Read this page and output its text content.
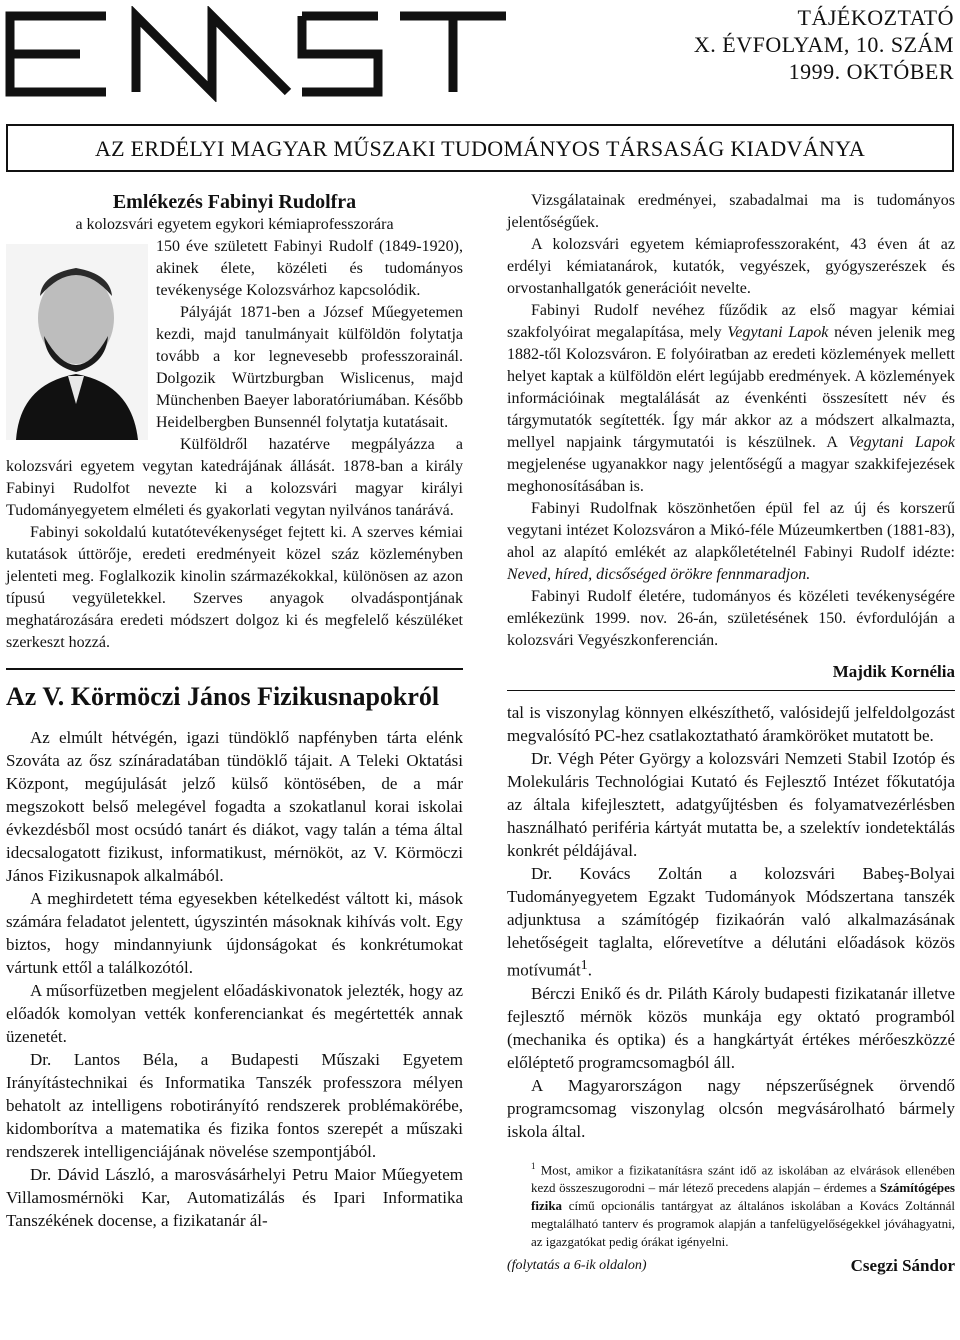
EMT	TÁJÉKOZTATÓ
X. ÉVFOLYAM, 10. SZÁM
1999. OKTÓBER
AZ ERDÉLYI MAGYAR MŰSZAKI TUDOMÁNYOS TÁRSASÁG KIADVÁNYA
Emlékezés Fabinyi Rudolfra
a kolozsvári egyetem egykori kémiaprofesszorára

150 éve született Fabinyi Rudolf (1849-1920), akinek élete, közéleti és tudományos tevékenysége Kolozsvárhoz kapcsolódik.

Pályáját 1871-ben a József Műegyetemen kezdi, majd tanulmányait külföldön folytatja tovább a kor legnevesebb professzorainál. Dolgozik Würtzburgban Wislicenus, majd Münchenben Baeyer laboratóriumában. Később Heidelbergben Bunsennél folytatja kutatásait.

Külföldről hazatérve megpályázza a kolozsvári egyetem vegytan katedrájának állását. 1878-ban a király Fabinyi Rudolfot nevezte ki a kolozsvári magyar királyi Tudományegyetem elméleti és gyakorlati vegytan nyilvános tanárává.

Fabinyi sokoldalú kutatótevékenységet fejtett ki. A szerves kémiai kutatások úttörője, eredeti eredményeit közel száz közleményben jelenteti meg. Foglalkozik kinolin származékokkal, különösen az azon típusú vegyületekkel. Szerves anyagok olvadáspontjának meghatározására eredeti módszert dolgoz ki és megfelelő készüléket szerkeszt hozzá.

Az V. Körmöczi János Fizikusnapokról

Az elmúlt hétvégén, igazi tündöklő napfényben tárta elénk Szováta az ősz színáradatában tündöklő tájait. A Teleki Oktatási Központ, megújulását jelző külső köntösében, de a már megszokott belső melegével fogadta a szokatlanul korai iskolai évkezdésből most ocsúdó tanárt és diákot, vagy talán a téma által idecsalogatott fizikust, informatikust, mérnököt, az V. Körmöczi János Fizikusnapok alkalmából.

A meghirdetett téma egyesekben kételkedést váltott ki, mások számára feladatot jelentett, úgyszintén másoknak kihívás volt. Egy biztos, hogy mindannyiunk újdonságokat és konkrétumokat vártunk ettől a találkozótól.

A műsorfüzetben megjelent előadáskivonatok jelezték, hogy az előadók komolyan vették konferenciankat és megértették annak üzenetét.

Dr. Lantos Béla, a Budapesti Műszaki Egyetem Irányítástechnikai és Informatika Tanszék professzora mélyen behatolt az intelligens robotirányító rendszerek problémakörébe, kidomborítva a matematika és fizika fontos szerepét a műszaki rendszerek intelligenciájának növelése szempontjából.

Dr. Dávid László, a marosvásárhelyi Petru Maior Műegyetem Villamosmérnöki Kar, Automatizálás és Ipari Informatika Tanszékének docense, a fizikatanár ál-

Vizsgálatainak eredményei, szabadalmai ma is tudományos jelentőségűek.

A kolozsvári egyetem kémiaprofesszoraként, 43 éven át az erdélyi kémiatanárok, kutatók, vegyészek, gyógyszerészek és orvostanhallgatók generációit nevelte.

Fabinyi Rudolf nevéhez fűződik az első magyar kémiai szakfolyóirat megalapítása, mely Vegytani Lapok néven jelenik meg 1882-től Kolozsváron. E folyóiratban az eredeti közlemények mellett helyet kaptak a külföldön elért legújabb eredmények. A közlemények információinak megtalálását az évenkénti összesített név és tárgymutatók segítették. Így már akkor az a módszert alkalmazta, mellyel napjaink tárgymutatói is készülnek. A Vegytani Lapok megjelenése ugyanakkor nagy jelentőségű a magyar szakkifejezések meghonosításában is.

Fabinyi Rudolfnak köszönhetően épül fel az új és korszerű vegytani intézet Kolozsváron a Mikó-féle Múzeumkertben (1881-83), ahol az alapító emlékét az alapkőletételnél Fabinyi Rudolf idézte: Neved, híred, dicsőséged örökre fennmaradjon.

Fabinyi Rudolf életére, tudományos és közéleti tevékenységére emlékezünk 1999. nov. 26-án, születésének 150. évfordulóján a kolozsvári Vegyészkonferencián.

Majdik Kornélia

tal is viszonylag könnyen elkészíthető, valósidejű jelfeldolgozást megvalósító PC-hez csatlakoztatható áramköröket mutatott be.

Dr. Végh Péter György a kolozsvári Nemzeti Stabil Izotóp és Molekuláris Technológiai Kutató és Fejlesztő Intézet főkutatója az általa kifejlesztett, adatgyűjtésben és folyamatvezérlésben használható periféria kártyát mutatta be, a szelektív iondetektálás konkrét példájával.

Dr. Kovács Zoltán a kolozsvári Babeş-Bolyai Tudományegyetem Egzakt Tudományok Módszertana tanszék adjunktusa a számítógép fizikaórán való alkalmazásának lehetőségeit taglalta, előrevetítve a délutáni előadások közös motívumát$^1$.

Bérczi Enikő és dr. Piláth Károly budapesti fizikatanár illetve fejlesztő mérnök közös munkája egy oktató programból (mechanika és optika) és a hangkártyát értékes mérőeszközzé előléptető programcsomagból áll.

A Magyarországon nagy népszerűségnek örvendő programcsomag viszonylag olcsón megvásárolható bármely iskola által.

$^1$ Most, amikor a fizikatanításra szánt idő az iskolában az elvárások ellenében kezd összeszugorodni – már létező precedens alapján – érdemes a Számítógépes fizika című opcionális tantárgyat az általános iskolában a Kovács Zoltánnál megtalálható tanterv és programok alapján a tanfelügyelőségekkel jóváhagyatni, az igazgatókat pedig órákat igényelni.
(folytatás a 6-ik oldalon)	Csegzi Sándor
